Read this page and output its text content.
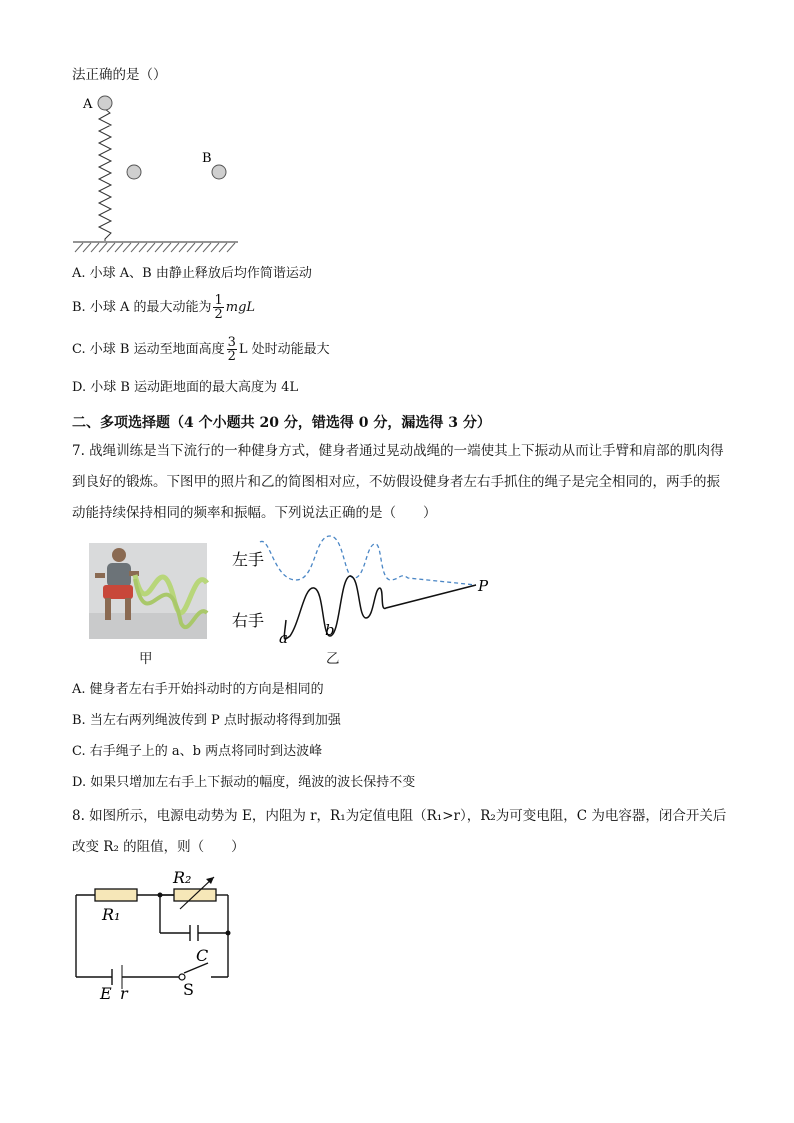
法正确的是（）
A
B
A. 小球 A、B 由静止释放后均作简谐运动
B. 小球 A 的最大动能为 $\frac{1}{2}$ mgL
C. 小球 B 运动至地面高度 $\frac{3}{2}$ L 处时动能最大
D. 小球 B 运动距地面的最大高度为 4L
二、多项选择题（4 个小题共 20 分，错选得 0 分，漏选得 3 分）
7. 战绳训练是当下流行的一种健身方式，健身者通过晃动战绳的一端使其上下振动从而让手臂和肩部的肌肉得到良好的锻炼。下图甲的照片和乙的简图相对应，不妨假设健身者左右手抓住的绳子是完全相同的，两手的振动能持续保持相同的频率和振幅。下列说法正确的是（　　）
甲
左手
右手
P
a b
乙
A. 健身者左右手开始抖动时的方向是相同的
B. 当左右两列绳波传到 P 点时振动将得到加强
C. 右手绳子上的 a、b 两点将同时到达波峰
D. 如果只增加左右手上下振动的幅度，绳波的波长保持不变
8. 如图所示，电源电动势为 E，内阻为 r，R₁为定值电阻（R₁>r），R₂为可变电阻，C 为电容器，闭合开关后改变 R₂ 的阻值，则（　　）
R₁
R₂
C
E r	S
